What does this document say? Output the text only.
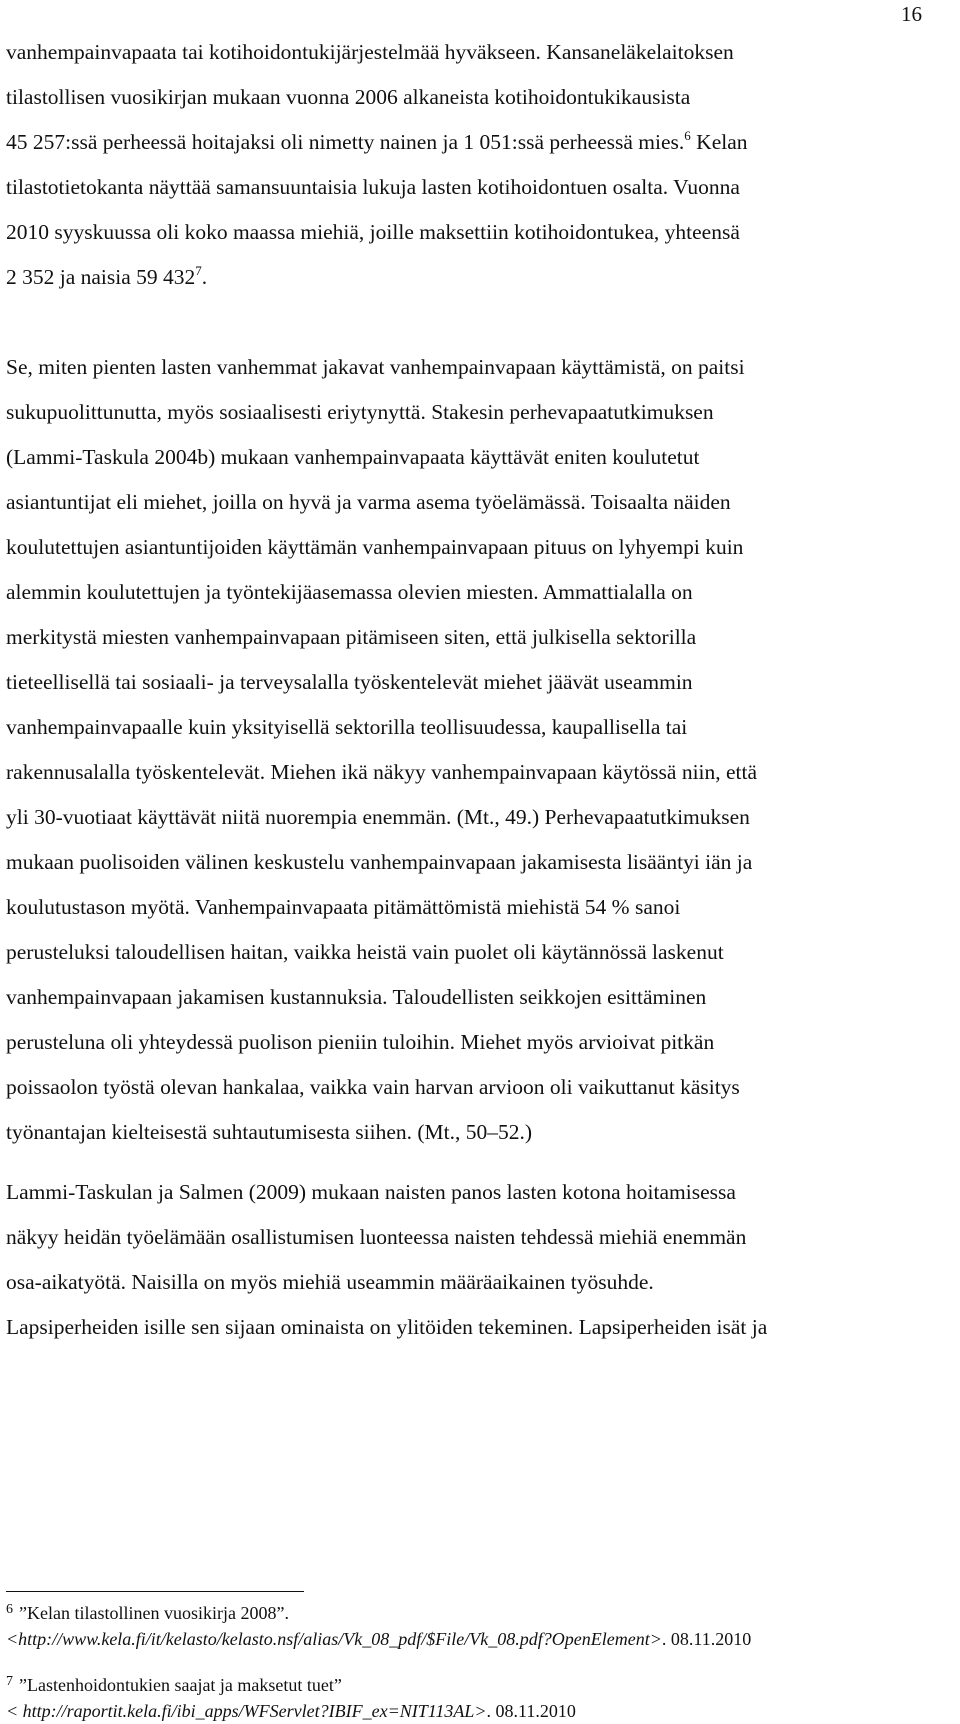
16
vanhempainvapaata tai kotihoidontukijärjestelmää hyväkseen. Kansaneläkelaitoksen
tilastollisen vuosikirjan mukaan vuonna 2006 alkaneista kotihoidontukikausista
45 257:ssä perheessä hoitajaksi oli nimetty nainen ja 1 051:ssä perheessä mies.$^6$ Kelan
tilastotietokanta näyttää samansuuntaisia lukuja lasten kotihoidontuen osalta. Vuonna
2010 syyskuussa oli koko maassa miehiä, joille maksettiin kotihoidontukea, yhteensä
2 352 ja naisia 59 $432^7$.
Se, miten pienten lasten vanhemmat jakavat vanhempainvapaan käyttämistä, on paitsi
sukupuolittunutta, myös sosiaalisesti eriytynyttä. Stakesin perhevapaatutkimuksen
(Lammi-Taskula 2004b) mukaan vanhempainvapaata käyttävät eniten koulutetut
asiantuntijat eli miehet, joilla on hyvä ja varma asema työelämässä. Toisaalta näiden
koulutettujen asiantuntijoiden käyttämän vanhempainvapaan pituus on lyhyempi kuin
alemmin koulutettujen ja työntekijäasemassa olevien miesten. Ammattialalla on
merkitystä miesten vanhempainvapaan pitämiseen siten, että julkisella sektorilla
tieteellisellä tai sosiaali- ja terveysalalla työskentelevät miehet jäävät useammin
vanhempainvapaalle kuin yksityisellä sektorilla teollisuudessa, kaupallisella tai
rakennusalalla työskentelevät. Miehen ikä näkyy vanhempainvapaan käytössä niin, että
yli 30-vuotiaat käyttävät niitä nuorempia enemmän. (Mt., 49.) Perhevapaatutkimuksen
mukaan puolisoiden välinen keskustelu vanhempainvapaan jakamisesta lisääntyi iän ja
koulutustason myötä. Vanhempainvapaata pitämättömistä miehistä 54 % sanoi
perusteluksi taloudellisen haitan, vaikka heistä vain puolet oli käytännössä laskenut
vanhempainvapaan jakamisen kustannuksia. Taloudellisten seikkojen esittäminen
perusteluna oli yhteydessä puolison pieniin tuloihin. Miehet myös arvioivat pitkän
poissaolon työstä olevan hankalaa, vaikka vain harvan arvioon oli vaikuttanut käsitys
työnantajan kielteisestä suhtautumisesta siihen. (Mt., 50–52.)
Lammi-Taskulan ja Salmen (2009) mukaan naisten panos lasten kotona hoitamisessa
näkyy heidän työelämään osallistumisen luonteessa naisten tehdessä miehiä enemmän
osa-aikatyötä. Naisilla on myös miehiä useammin määräaikainen työsuhde.
Lapsiperheiden isille sen sijaan ominaista on ylitöiden tekeminen. Lapsiperheiden isät ja
$^6$ ”Kelan tilastollinen vuosikirja 2008”.
<http://www.kela.fi/it/kelasto/kelasto.nsf/alias/Vk_08_pdf/$File/Vk_08.pdf?OpenElement>. 08.11.2010
$^7$ ”Lastenhoidontukien saajat ja maksetut tuet”
< http://raportit.kela.fi/ibi_apps/WFServlet?IBIF_ex=NIT113AL>. 08.11.2010
